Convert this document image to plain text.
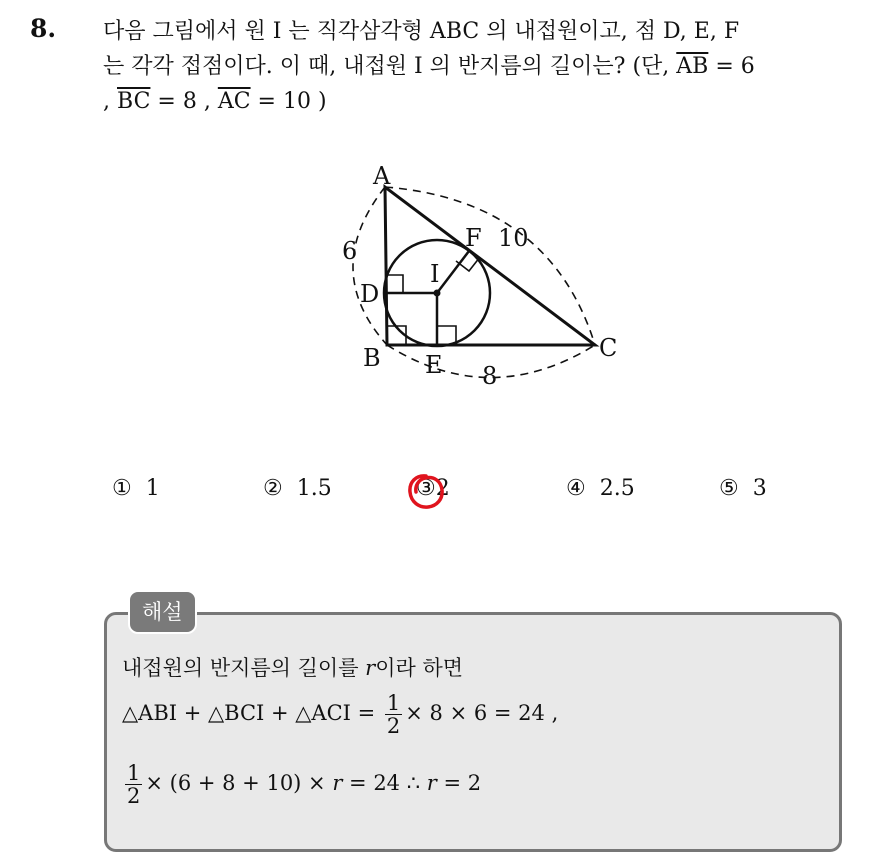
8. 다음 그림에서 원 I 는 직각삼각형 ABC 의 내접원이고, 점 D, E, F
는 각각 접점이다. 이 때, 내접원 I 의 반지름의 길이는? (단, $\overline{AB} = 6$
, $\overline{BC} = 8$ , $\overline{AC} = 10$ )
A
B	C
D
E
F
I
6
8
10
① 1	② 1.5	③2	④ 2.5	⑤ 3
해설
내접원의 반지름의 길이를 r이라 하면
△ABI + △BCI + △ACI = $\frac{1}{2} \times 8 \times 6 = 24$ ,
$\frac{1}{2} \times (6 + 8 + 10) \times r = 24$ ∴ r = 2
